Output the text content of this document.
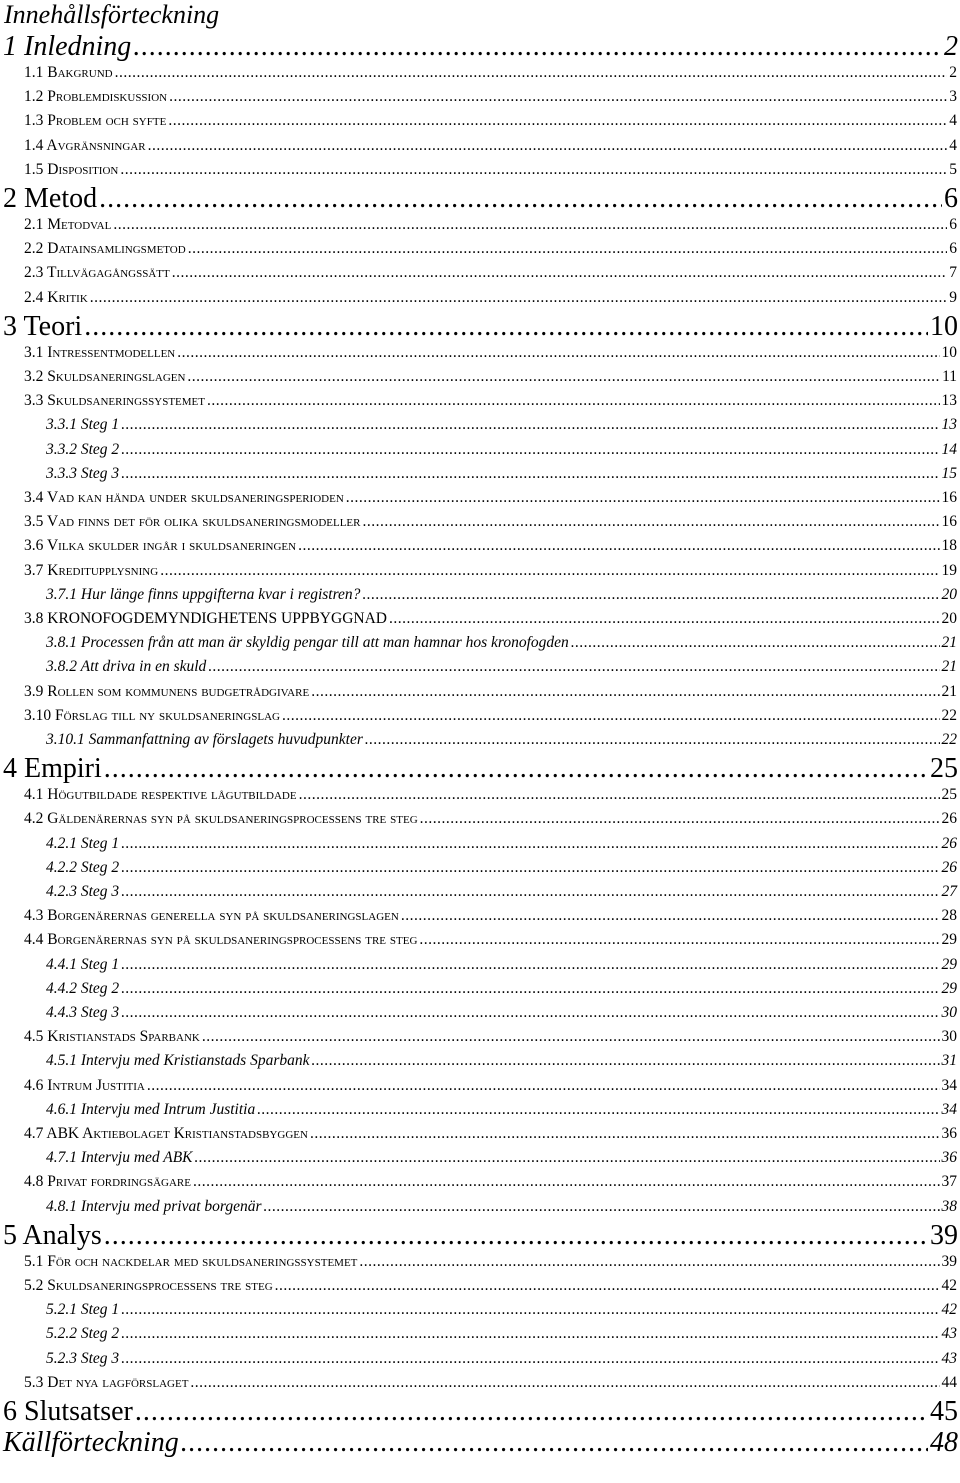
Innehållsförteckning
1 Inledning .....	2
1.1 Bakgrund .....	2
1.2 Problemdiskussion .....	3
1.3 Problem och syfte .....	4
1.4 Avgränsningar .....	4
1.5 Disposition .....	5
2 Metod .....	6
2.1 Metodval .....	6
2.2 Datainsamlingsmetod .....	6
2.3 Tillvägagångssätt .....	7
2.4 Kritik .....	9
3 Teori .....	10
3.1 Intressentmodellen .....	10
3.2 Skuldsaneringslagen .....	11
3.3 Skuldsaneringssystemet .....	13
3.3.1 Steg 1 .....	13
3.3.2 Steg 2 .....	14
3.3.3 Steg 3 .....	15
3.4 Vad kan hända under skuldsaneringsperioden .....	16
3.5 Vad finns det för olika skuldsaneringsmodeller .....	16
3.6 Vilka skulder ingår i skuldsaneringen .....	18
3.7 Kreditupplysning .....	19
3.7.1 Hur länge finns uppgifterna kvar i registren? .....	20
3.8 KRONOFOGDEMYNDIGHETENS UPPBYGGNAD .....	20
3.8.1 Processen från att man är skyldig pengar till att man hamnar hos kronofogden .....	21
3.8.2 Att driva in en skuld .....	21
3.9 Rollen som kommunens budgetrådgivare .....	21
3.10 Förslag till ny skuldsaneringslag .....	22
3.10.1 Sammanfattning av förslagets huvudpunkter .....	22
4 Empiri .....	25
4.1 Högutbildade respektive lågutbildade .....	25
4.2 Gäldenärernas syn på skuldsaneringsprocessens tre steg .....	26
4.2.1 Steg 1 .....	26
4.2.2 Steg 2 .....	26
4.2.3 Steg 3 .....	27
4.3 Borgenärernas generella syn på skuldsaneringslagen .....	28
4.4 Borgenärernas syn på skuldsaneringsprocessens tre steg .....	29
4.4.1 Steg 1 .....	29
4.4.2 Steg 2 .....	29
4.4.3 Steg 3 .....	30
4.5 Kristianstads Sparbank .....	30
4.5.1 Intervju med Kristianstads Sparbank .....	31
4.6 Intrum Justitia .....	34
4.6.1 Intervju med Intrum Justitia .....	34
4.7 ABK Aktiebolaget Kristianstadsbyggen .....	36
4.7.1 Intervju med ABK .....	36
4.8 Privat fordringsägare .....	37
4.8.1 Intervju med privat borgenär .....	38
5 Analys .....	39
5.1 För och nackdelar med skuldsaneringssystemet .....	39
5.2 Skuldsaneringsprocessens tre steg .....	42
5.2.1 Steg 1 .....	42
5.2.2 Steg 2 .....	43
5.2.3 Steg 3 .....	43
5.3 Det nya lagförslaget .....	44
6 Slutsatser .....	45
Källförteckning .....	48
